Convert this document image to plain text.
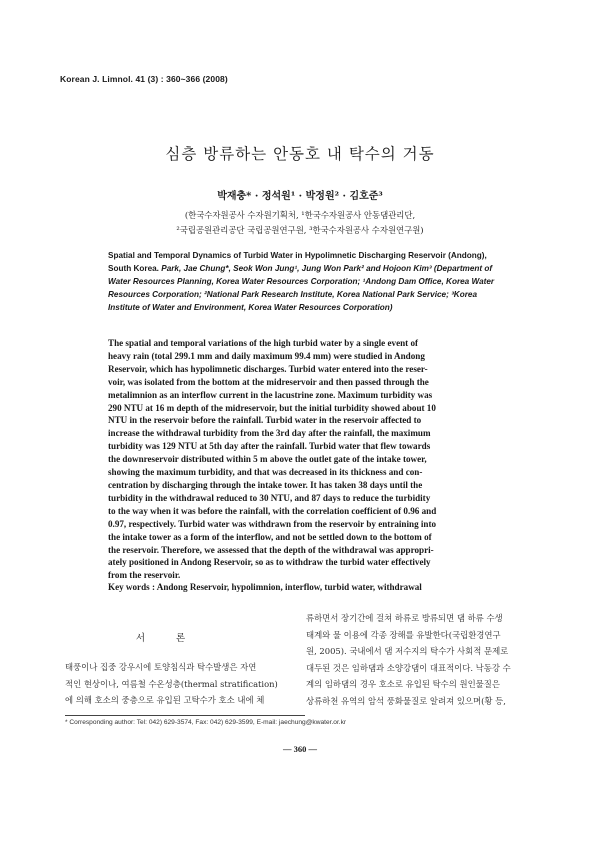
Korean J. Limnol. 41 (3) : 360~366 (2008)
심층 방류하는 안동호 내 탁수의 거동
박재충* · 정석원¹ · 박정원² · 김호준³
(한국수자원공사 수자원기획처, ¹한국수자원공사 안동댐관리단,
²국립공원관리공단 국립공원연구원, ³한국수자원공사 수자원연구원)
Spatial and Temporal Dynamics of Turbid Water in Hypolimnetic Discharging Reservoir (Andong), South Korea. Park, Jae Chung*, Seok Won Jung¹, Jung Won Park² and Hojoon Kim³ (Department of Water Resources Planning, Korea Water Resources Corporation; ¹Andong Dam Office, Korea Water Resources Corporation; ²National Park Research Institute, Korea National Park Service; ³Korea Institute of Water and Environment, Korea Water Resources Corporation)
The spatial and temporal variations of the high turbid water by a single event of
heavy rain (total 299.1 mm and daily maximum 99.4 mm) were studied in Andong
Reservoir, which has hypolimnetic discharges. Turbid water entered into the reser-
voir, was isolated from the bottom at the midreservoir and then passed through the
metalimnion as an interflow current in the lacustrine zone. Maximum turbidity was
290 NTU at 16 m depth of the midreservoir, but the initial turbidity showed about 10
NTU in the reservoir before the rainfall. Turbid water in the reservoir affected to
increase the withdrawal turbidity from the 3rd day after the rainfall, the maximum
turbidity was 129 NTU at 5th day after the rainfall. Turbid water that flew towards
the downreservoir distributed within 5 m above the outlet gate of the intake tower,
showing the maximum turbidity, and that was decreased in its thickness and con-
centration by discharging through the intake tower. It has taken 38 days until the
turbidity in the withdrawal reduced to 30 NTU, and 87 days to reduce the turbidity
to the way when it was before the rainfall, with the correlation coefficient of 0.96 and
0.97, respectively. Turbid water was withdrawn from the reservoir by entraining into
the intake tower as a form of the interflow, and not be settled down to the bottom of
the reservoir. Therefore, we assessed that the depth of the withdrawal was appropri-
ately positioned in Andong Reservoir, so as to withdraw the turbid water effectively
from the reservoir.
Key words : Andong Reservoir, hypolimnion, interflow, turbid water, withdrawal
서 론
태풍이나 집중 강우시에 토양침식과 탁수발생은 자연
적인 현상이나, 여름철 수온성층(thermal stratification)
에 의해 호소의 중층으로 유입된 고탁수가 호소 내에 체
류하면서 장기간에 걸쳐 하류로 방류되면 댐 하류 수생
태계와 물 이용에 각종 장해를 유발한다(국립환경연구
원, 2005). 국내에서 댐 저수지의 탁수가 사회적 문제로
대두된 것은 임하댐과 소양강댐이 대표적이다. 낙동강 수
계의 임하댐의 경우 호소로 유입된 탁수의 원인물질은
상류하천 유역의 암석 풍화물질로 알려져 있으며(황 등,
* Corresponding author: Tel: 042) 629-3574, Fax: 042) 629-3599, E-mail: jaechung@kwater.or.kr
— 360 —
